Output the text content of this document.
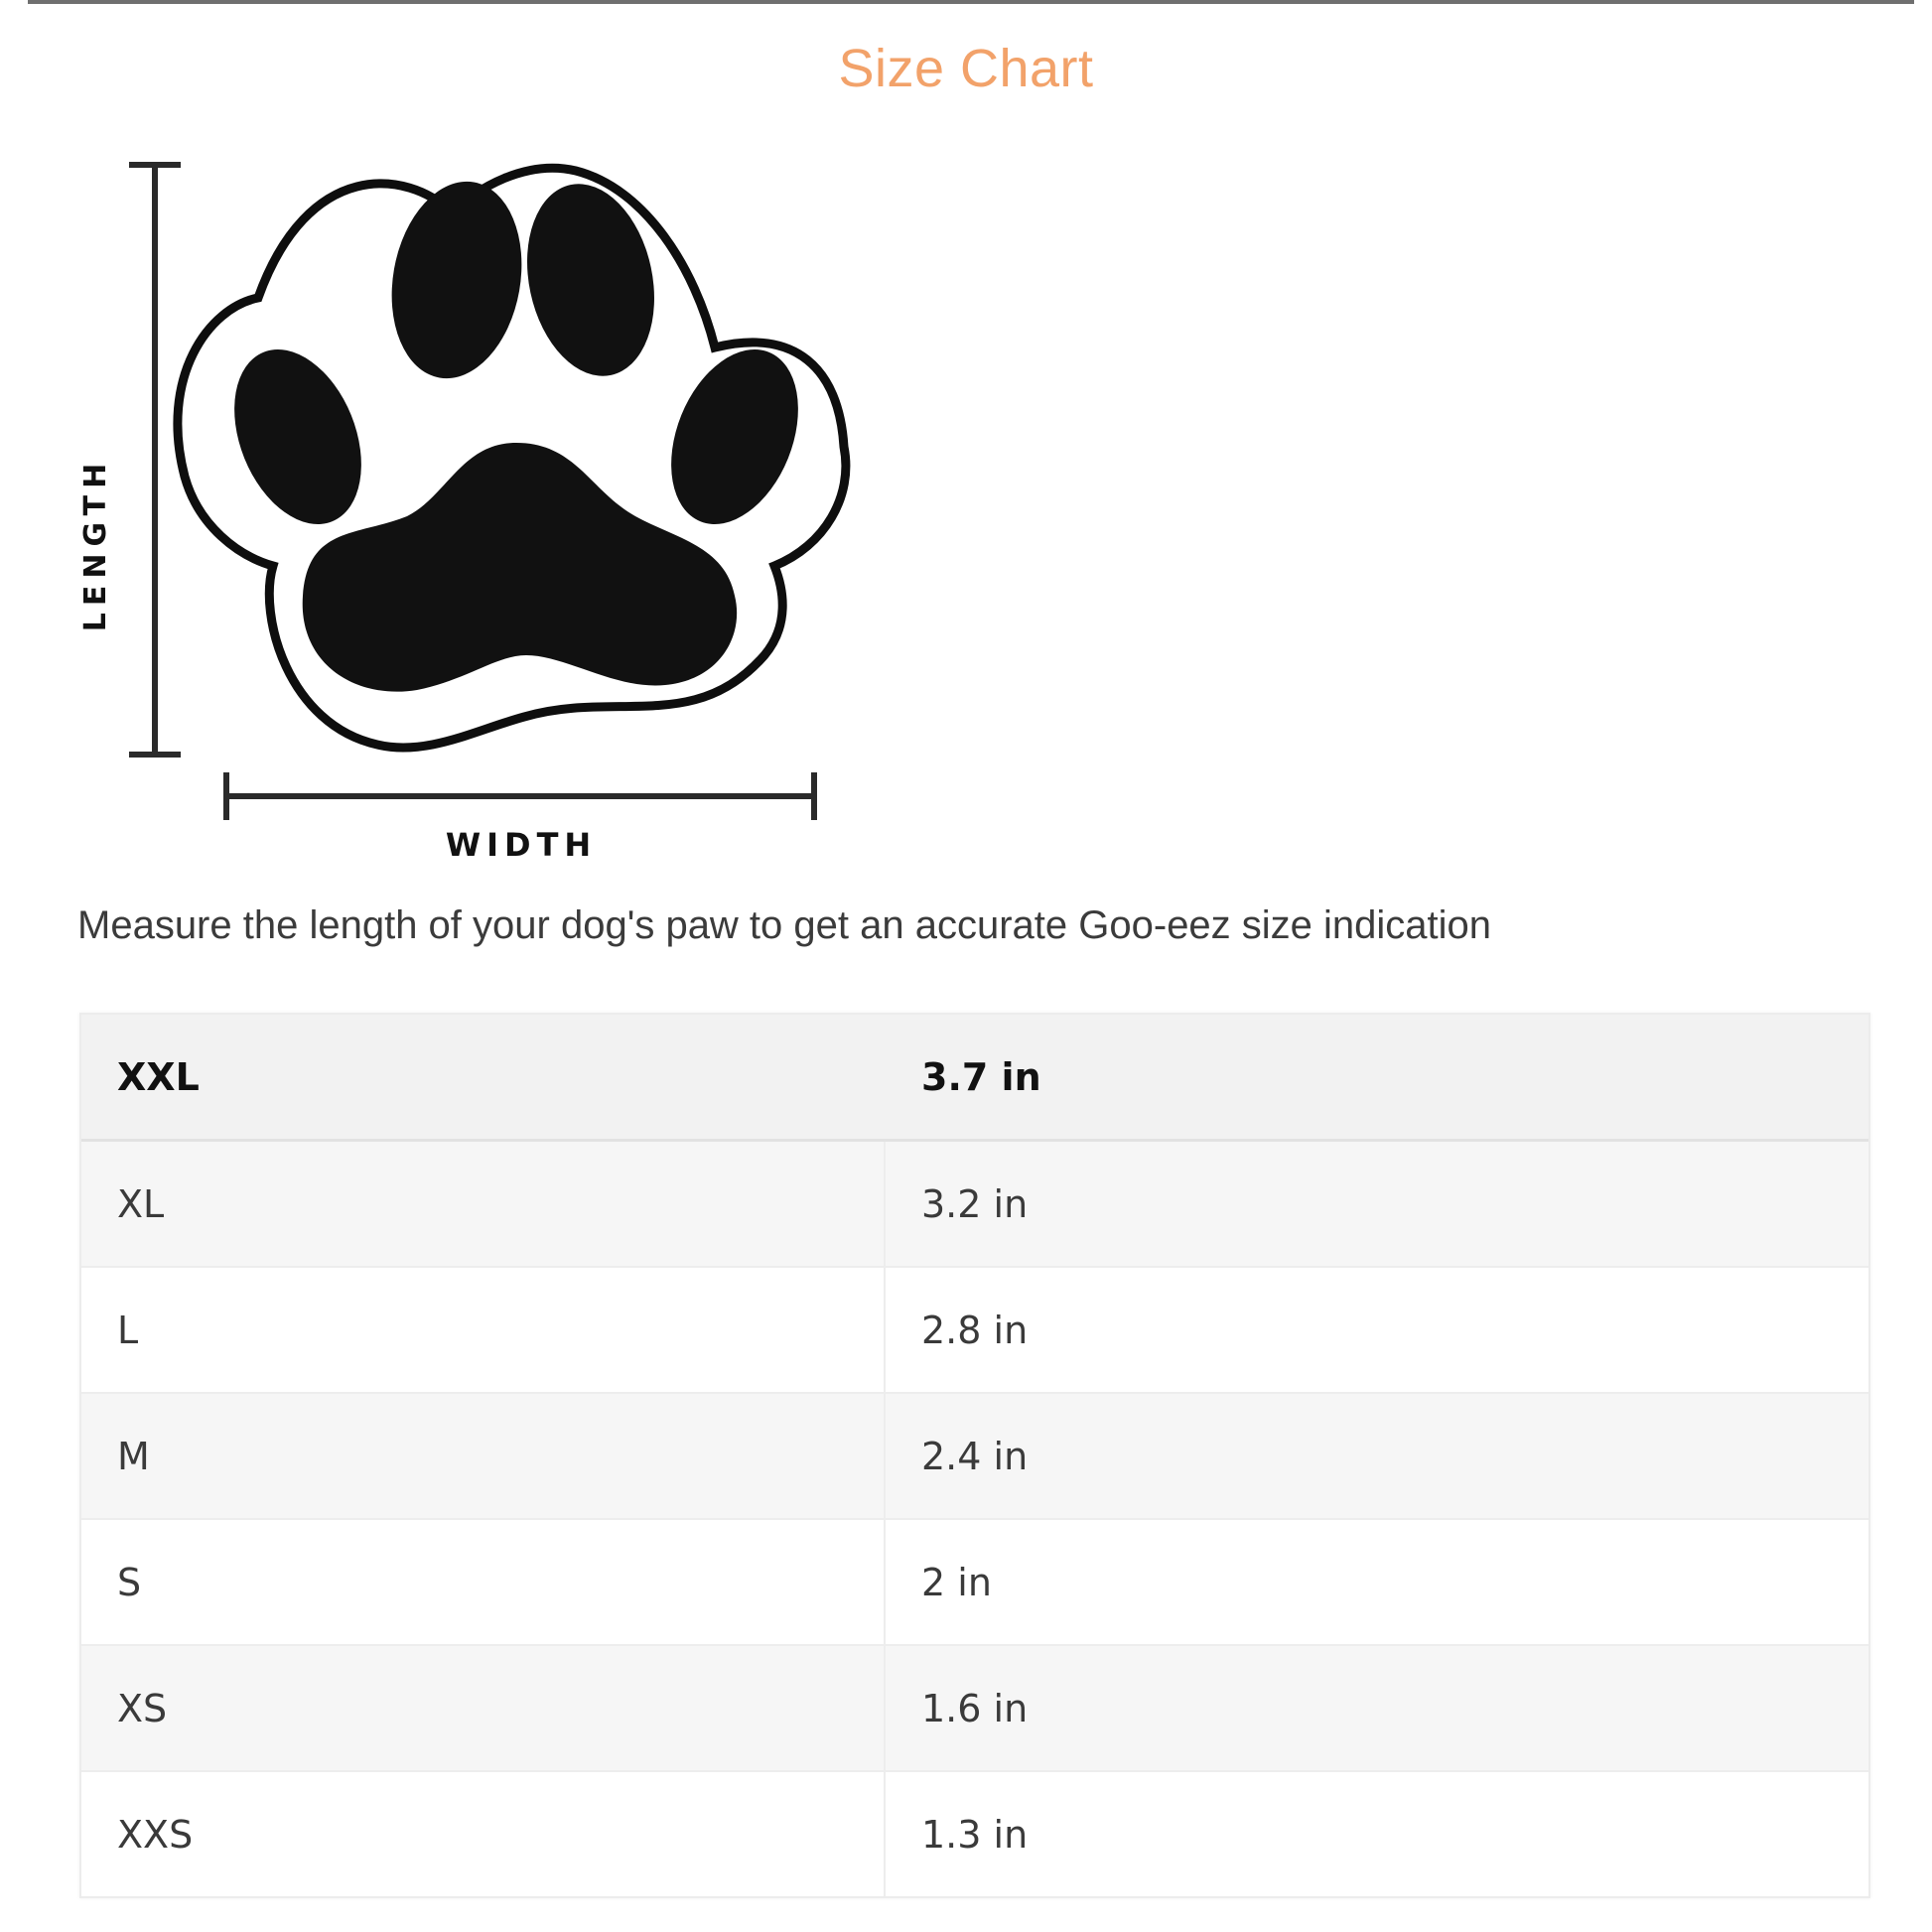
Size Chart
LENGTH
WIDTH
Measure the length of your dog's paw to get an accurate Goo-eez size indication
XXL	3.7 in
XL	3.2 in
L	2.8 in
M	2.4 in
S	2 in
XS	1.6 in
XXS	1.3 in
